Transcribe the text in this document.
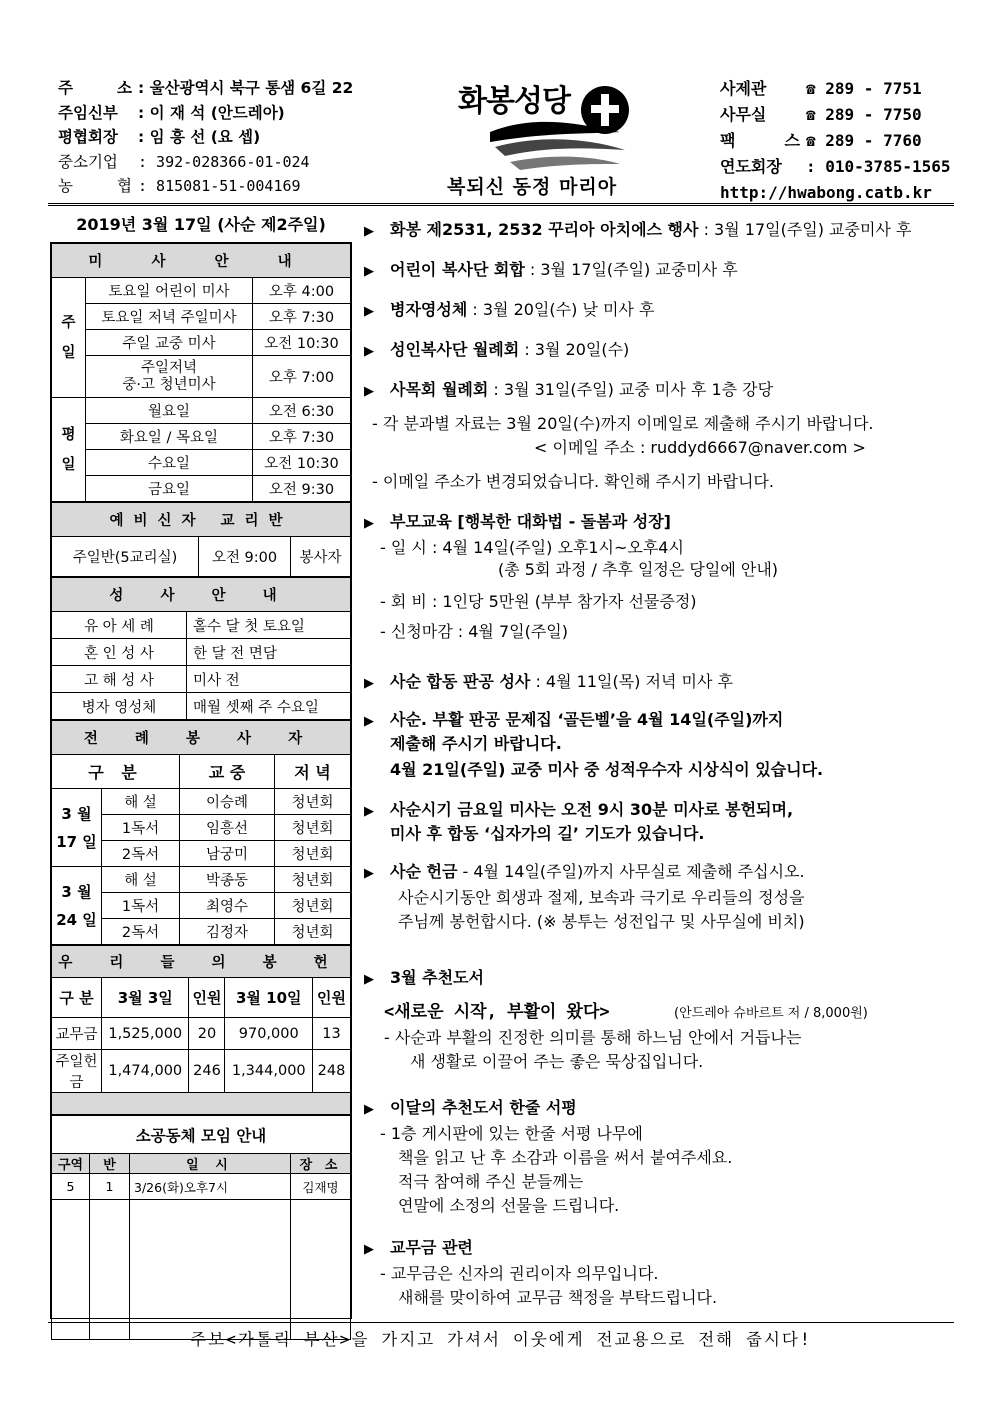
주 소 : 울산광역시 북구 통샘 6길 22
주임신부	: 이 재 석 (안드레아)
평협회장	: 임 흥 선 (요 셉)
중소기업	: 392-028366-01-024
농 협 : 815081-51-004169
화봉성당
복되신 동정 마리아
사제관	☎ 289 - 7751
사무실	☎ 289 - 7750
팩 스 ☎ 289 - 7760
연도회장	: 010-3785-1565
http://hwabong.catb.kr
2019년 3월 17일 (사순 제2주일)
미 사 안 내		
주일	토요일 어린이 미사	오후 4:00
	토요일 저녁 주일미사	오후 7:30
	주일 교중 미사	오전 10:30
	주일저녁
중·고 청년미사	오후 7:00
평일	월요일	오전 6:30
	화요일 / 목요일	오후 7:30
	수요일	오전 10:30
	금요일	오전 9:30
예비신자 교리반
주일반(5교리실)	오전 9:00	봉사자
성 사 안 내	
유 아 세 례	홀수 달 첫 토요일
혼 인 성 사	한 달 전 면담
고 해 성 사	미사 전
병자 영성체	매월 셋째 주 수요일
전 례 봉 사 자			
구 분		교 중	저 녁
3 월
17 일	해 설	이승례	청년회
	1독서	임흥선	청년회
	2독서	남궁미	청년회
3 월
24 일	해 설	박종동	청년회
	1독서	최영수	청년회
	2독서	김정자	청년회
우 리 들 의 봉 헌				
구 분	3월 3일	인원	3월 10일	인원
교무금	1,525,000	20	970,000	13
주일헌금	1,474,000	246	1,344,000	248

소공동체 모임 안내			
구역	반	일 시	장 소
5	1	3/26(화)오후7시	김재명

▶ 화봉 제2531, 2532 꾸리아 아치에스 행사 : 3월 17일(주일) 교중미사 후
▶ 어린이 복사단 회합 : 3월 17일(주일) 교중미사 후
▶ 병자영성체 : 3월 20일(수) 낮 미사 후
▶ 성인복사단 월례회 : 3월 20일(수)
▶ 사목회 월례회 : 3월 31일(주일) 교중 미사 후 1층 강당
- 각 분과별 자료는 3월 20일(수)까지 이메일로 제출해 주시기 바랍니다.
< 이메일 주소 : ruddyd6667@naver.com >
- 이메일 주소가 변경되었습니다. 확인해 주시기 바랍니다.
▶ 부모교육 [행복한 대화법 - 돌봄과 성장]
- 일 시 : 4월 14일(주일) 오후1시~오후4시
(총 5회 과정 / 추후 일정은 당일에 안내)
- 회 비 : 1인당 5만원 (부부 참가자 선물증정)
- 신청마감 : 4월 7일(주일)
▶ 사순 합동 판공 성사 : 4월 11일(목) 저녁 미사 후
▶ 사순. 부활 판공 문제집 ‘골든벨’을 4월 14일(주일)까지
제출해 주시기 바랍니다.
4월 21일(주일) 교중 미사 중 성적우수자 시상식이 있습니다.
▶ 사순시기 금요일 미사는 오전 9시 30분 미사로 봉헌되며,
미사 후 합동 ‘십자가의 길’ 기도가 있습니다.
▶ 사순 헌금 - 4월 14일(주일)까지 사무실로 제출해 주십시오.
사순시기동안 희생과 절제, 보속과 극기로 우리들의 정성을
주님께 봉헌합시다. (※ 봉투는 성전입구 및 사무실에 비치)
▶ 3월 추천도서
<새로운 시작, 부활이 왔다>	(안드레아 슈바르트 저 / 8,000원)
- 사순과 부활의 진정한 의미를 통해 하느님 안에서 거듭나는
새 생활로 이끌어 주는 좋은 묵상집입니다.
▶ 이달의 추천도서 한줄 서평
- 1층 게시판에 있는 한줄 서평 나무에
책을 읽고 난 후 소감과 이름을 써서 붙여주세요.
적극 참여해 주신 분들께는
연말에 소정의 선물을 드립니다.
▶ 교무금 관련
- 교무금은 신자의 권리이자 의무입니다.
새해를 맞이하여 교무금 책정을 부탁드립니다.
주보<가톨릭 부산>을 가지고 가셔서 이웃에게 전교용으로 전해 줍시다!
